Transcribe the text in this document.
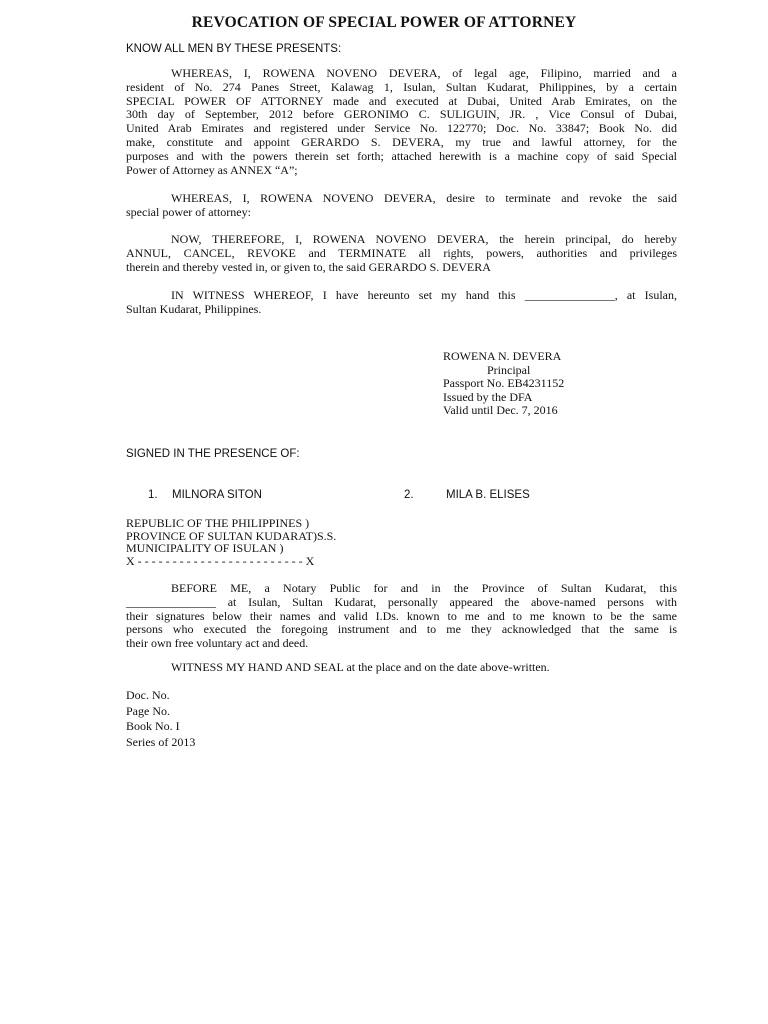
REVOCATION OF SPECIAL POWER OF ATTORNEY
KNOW ALL MEN BY THESE PRESENTS:
WHEREAS, I, ROWENA NOVENO DEVERA, of legal age, Filipino, married and a
resident of No. 274 Panes Street, Kalawag 1, Isulan, Sultan Kudarat, Philippines, by a certain
SPECIAL POWER OF ATTORNEY made and executed at Dubai, United Arab Emirates, on the
30th day of September, 2012 before GERONIMO C. SULIGUIN, JR. , Vice Consul of Dubai,
United Arab Emirates and registered under Service No. 122770; Doc. No. 33847; Book No. did
make, constitute and appoint GERARDO S. DEVERA, my true and lawful attorney, for the
purposes and with the powers therein set forth; attached herewith is a machine copy of said Special
Power of Attorney as ANNEX “A”;
WHEREAS, I, ROWENA NOVENO DEVERA, desire to terminate and revoke the said
special power of attorney:
NOW, THEREFORE, I, ROWENA NOVENO DEVERA, the herein principal, do hereby
ANNUL, CANCEL, REVOKE and TERMINATE all rights, powers, authorities and privileges
therein and thereby vested in, or given to, the said GERARDO S. DEVERA
IN WITNESS WHEREOF, I have hereunto set my hand this _______________, at Isulan,
Sultan Kudarat, Philippines.
ROWENA N. DEVERA
Principal
Passport No. EB4231152
Issued by the DFA
Valid until Dec. 7, 2016
SIGNED IN THE PRESENCE OF:
1. MILNORA SITON	2.	MILA B. ELISES
REPUBLIC OF THE PHILIPPINES )
PROVINCE OF SULTAN KUDARAT)S.S.
MUNICIPALITY OF ISULAN )
X - - - - - - - - - - - - - - - - - - - - - - - - X
BEFORE ME, a Notary Public for and in the Province of Sultan Kudarat, this
_______________ at Isulan, Sultan Kudarat, personally appeared the above-named persons with
their signatures below their names and valid I.Ds. known to me and to me known to be the same
persons who executed the foregoing instrument and to me they acknowledged that the same is
their own free voluntary act and deed.
WITNESS MY HAND AND SEAL at the place and on the date above-written.
Doc. No.
Page No.
Book No. I
Series of 2013
